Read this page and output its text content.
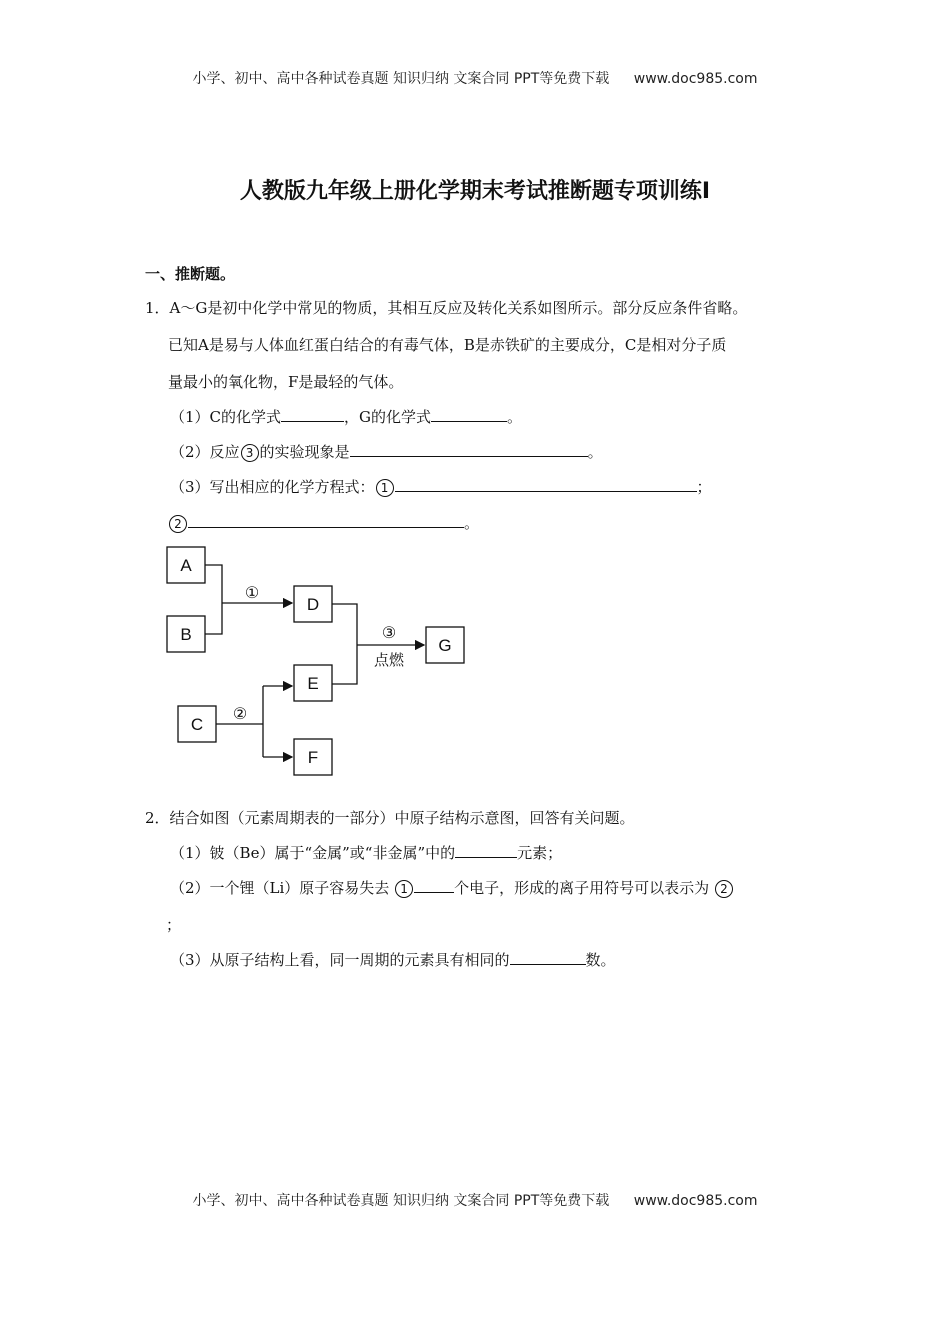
小学、初中、高中各种试卷真题 知识归纳 文案合同 PPT等免费下载 www.doc985.com
人教版九年级上册化学期末考试推断题专项训练Ⅰ
一、推断题。
1．A～G是初中化学中常见的物质，其相互反应及转化关系如图所示。部分反应条件省略。
已知A是易与人体血红蛋白结合的有毒气体，B是赤铁矿的主要成分，C是相对分子质
量最小的氧化物，F是最轻的气体。
（1）C的化学式	，G的化学式	。
（2）反应 3 的实验现象是	。
（3）写出相应的化学方程式： 1	；
2	。
A
B
C
D
E
F
G
①
③
点燃
②
2．结合如图（元素周期表的一部分）中原子结构示意图，回答有关问题。
（1）铍（Be）属于“金属”或“非金属”中的	元素；
（2）一个锂（Li）原子容易失去 1	个电子，形成的离子用符号可以表示为 2
；
（3）从原子结构上看，同一周期的元素具有相同的	数。
小学、初中、高中各种试卷真题 知识归纳 文案合同 PPT等免费下载 www.doc985.com
